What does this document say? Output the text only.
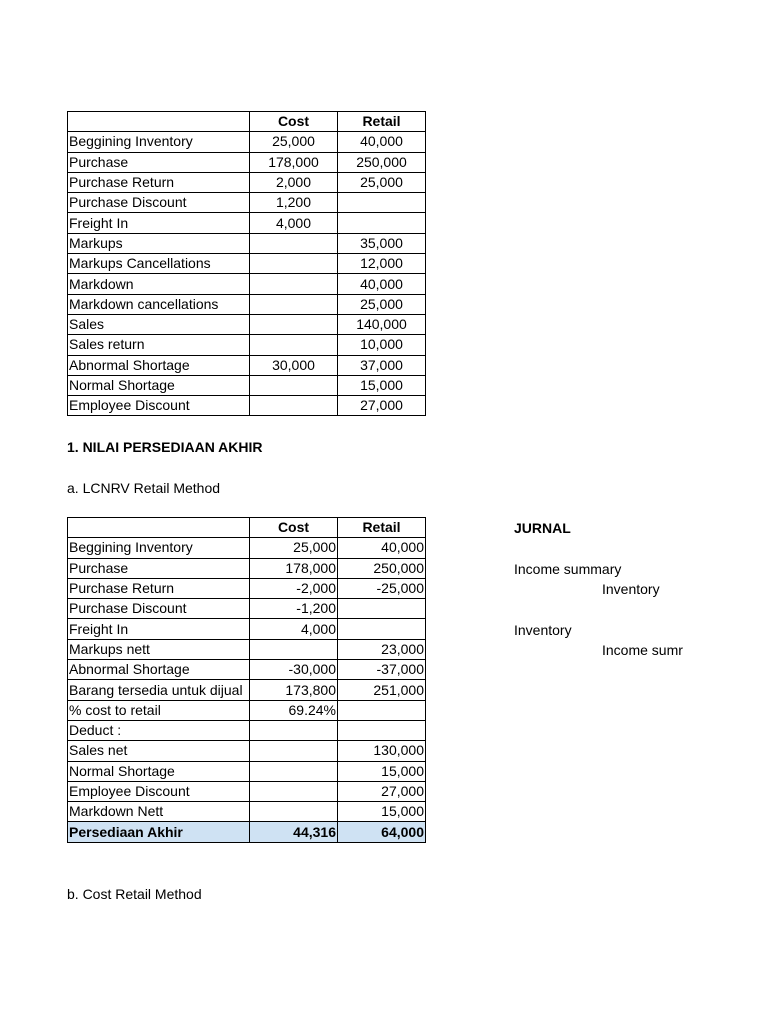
	Cost	Retail
Beggining Inventory	25,000	40,000
Purchase	178,000	250,000
Purchase Return	2,000	25,000
Purchase Discount	1,200	
Freight In	4,000	
Markups		35,000
Markups Cancellations		12,000
Markdown		40,000
Markdown cancellations		25,000
Sales		140,000
Sales return		10,000
Abnormal Shortage	30,000	37,000
Normal Shortage		15,000
Employee Discount		27,000
1. NILAI PERSEDIAAN AKHIR
a. LCNRV Retail Method
	Cost	Retail
Beggining Inventory	25,000	40,000
Purchase	178,000	250,000
Purchase Return	-2,000	-25,000
Purchase Discount	-1,200	
Freight In	4,000	
Markups nett		23,000
Abnormal Shortage	-30,000	-37,000
Barang tersedia untuk dijual	173,800	251,000
% cost to retail	69.24%	
Deduct :		
Sales net		130,000
Normal Shortage		15,000
Employee Discount		27,000
Markdown Nett		15,000
Persediaan Akhir	44,316	64,000
JURNAL
Income summary
Inventory
Inventory
Income sumr
b. Cost Retail Method
